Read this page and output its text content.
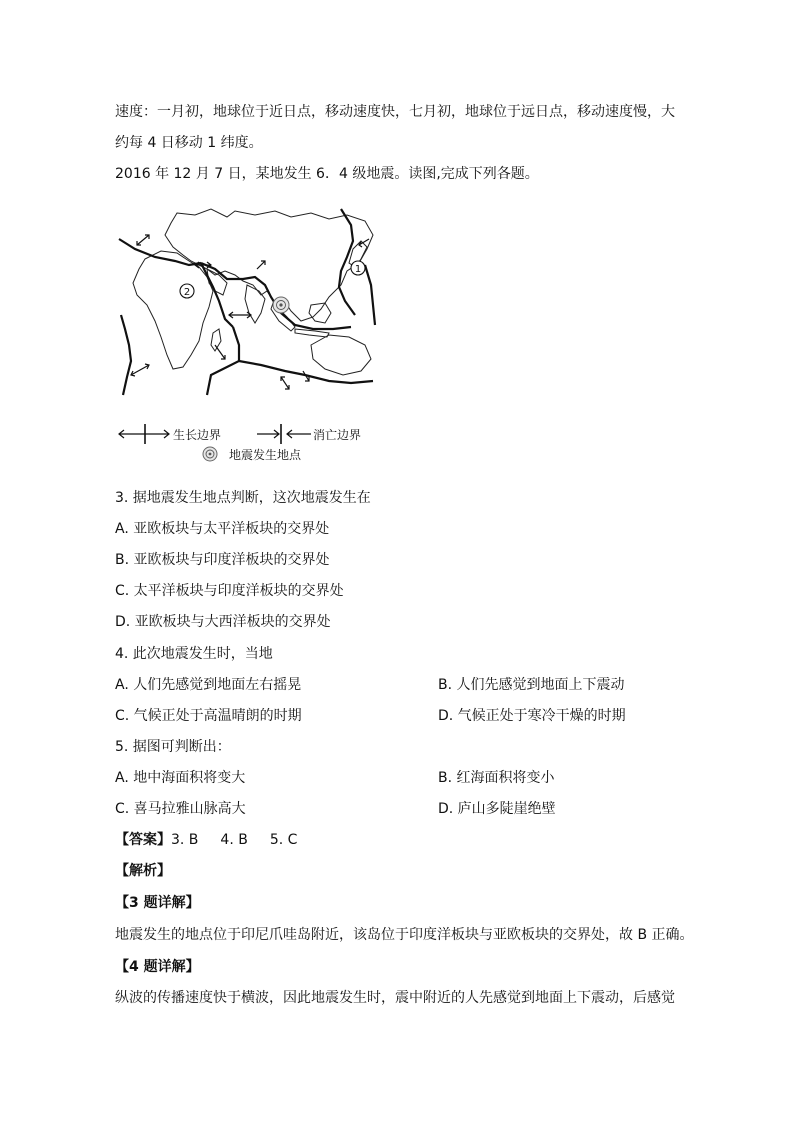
速度：一月初，地球位于近日点，移动速度快，七月初，地球位于远日点，移动速度慢，大
约每 4 日移动 1 纬度。
2016 年 12 月 7 日，某地发生 6．4 级地震。读图,完成下列各题。
1
2
生长边界	消亡边界
地震发生地点
3. 据地震发生地点判断，这次地震发生在
A. 亚欧板块与太平洋板块的交界处
B. 亚欧板块与印度洋板块的交界处
C. 太平洋板块与印度洋板块的交界处
D. 亚欧板块与大西洋板块的交界处
4. 此次地震发生时，当地
A. 人们先感觉到地面左右摇晃	B. 人们先感觉到地面上下震动
C. 气候正处于高温晴朗的时期	D. 气候正处于寒冷干燥的时期
5. 据图可判断出：
A. 地中海面积将变大	B. 红海面积将变小
C. 喜马拉雅山脉高大	D. 庐山多陡崖绝壁
【答案】3. B 4. B 5. C
【解析】
【3 题详解】
地震发生的地点位于印尼爪哇岛附近，该岛位于印度洋板块与亚欧板块的交界处，故 B 正确。
【4 题详解】
纵波的传播速度快于横波，因此地震发生时，震中附近的人先感觉到地面上下震动，后感觉
